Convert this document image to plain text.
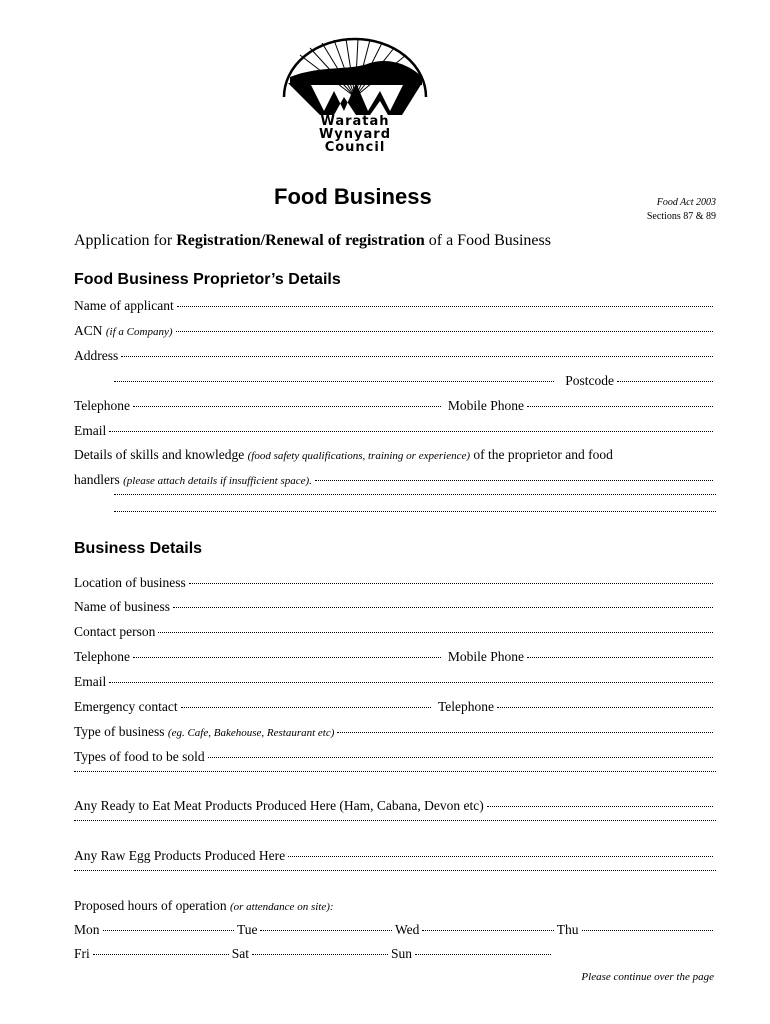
Waratah
Wynyard
Council
Food Business	Food Act 2003
Sections 87 & 89
Application for Registration/Renewal of registration of a Food Business
Food Business Proprietor’s Details
Name of applicant
ACN
(if a Company)
Address
Postcode
Telephone	Mobile Phone
Email
Details of skills and knowledge
(food safety qualifications, training or experience)
of the proprietor and food
handlers
(please attach details if insufficient space).
Business Details
Location of business
Name of business
Contact person
Telephone	Mobile Phone
Email
Emergency contact	Telephone
Type of business
(eg. Cafe, Bakehouse, Restaurant etc)
Types of food to be sold
Any Ready to Eat Meat Products Produced Here (Ham, Cabana, Devon etc)
Any Raw Egg Products Produced Here
Proposed hours of operation
(or attendance on site):
Mon	Tue	Wed	Thu
Fri	Sat	Sun
Please continue over the page
